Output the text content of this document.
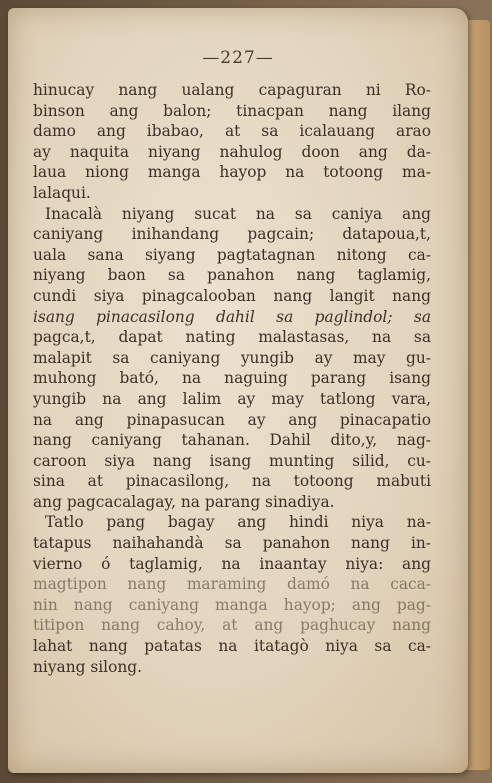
—227—
hinucay nang ualang capaguran ni Ro-
binson ang balon; tinacpan nang ilang
damo ang ibabao, at sa icalauang arao
ay naquita niyang nahulog doon ang da-
laua niong manga hayop na totoong ma-
lalaqui.
Inacalà niyang sucat na sa caniya ang
caniyang inihandang pagcain; datapoua,t,
uala sana siyang pagtatagnan nitong ca-
niyang baon sa panahon nang taglamig,
cundi siya pinagcalooban nang langit nang
isang pinacasilong dahil sa paglindol; sa
pagca,t, dapat nating malastasas, na sa
malapit sa caniyang yungib ay may gu-
muhong bató, na naguing parang isang
yungib na ang lalim ay may tatlong vara,
na ang pinapasucan ay ang pinacapatio
nang caniyang tahanan. Dahil dito,y, nag-
caroon siya nang isang munting silid, cu-
sina at pinacasilong, na totoong mabuti
ang pagcacalagay, na parang sinadiya.
Tatlo pang bagay ang hindi niya na-
tatapus naihahandà sa panahon nang in-
vierno ó taglamig, na inaantay niya: ang
magtipon nang maraming damó na caca-
nin nang caniyang manga hayop; ang pag-
titipon nang cahoy, at ang paghucay nang
lahat nang patatas na itatagò niya sa ca-
niyang silong.
